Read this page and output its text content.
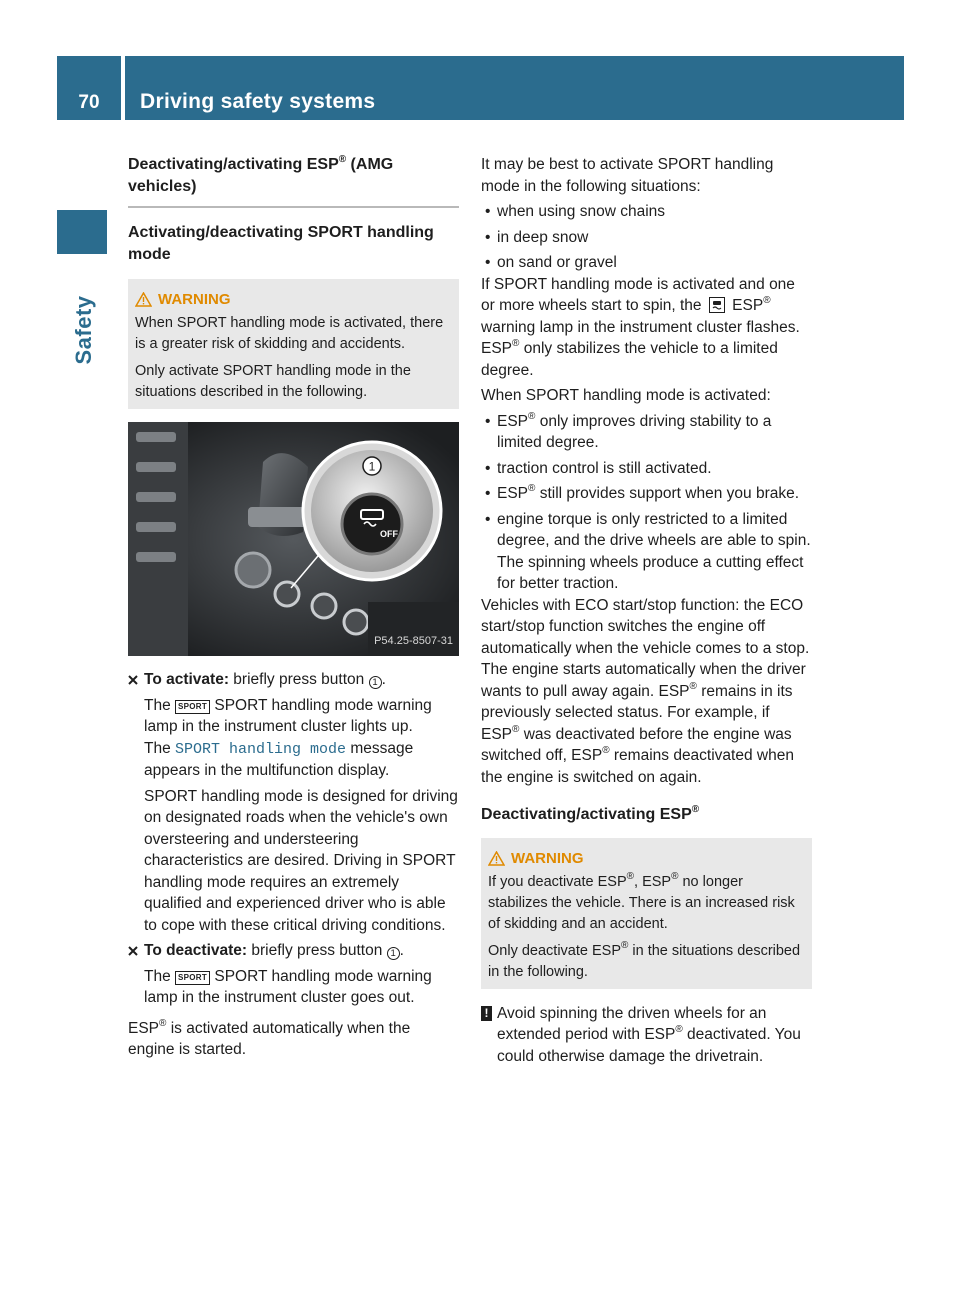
70	Driving safety systems
Safety
Deactivating/activating ESP® (AMG vehicles)
Activating/deactivating SPORT handling mode
WARNING

When SPORT handling mode is activated, there is a greater risk of skidding and accidents.

Only activate SPORT handling mode in the situations described in the following.

OFF
1
P54.25-8507-31

To activate: briefly press button 1 .

The SPORT SPORT handling mode warning lamp in the instrument cluster lights up.

The SPORT handling mode message appears in the multifunction display.

SPORT handling mode is designed for driving on designated roads when the vehicle's own oversteering and understeering characteristics are desired. Driving in SPORT handling mode requires an extremely qualified and experienced driver who is able to cope with these critical driving conditions.

To deactivate: briefly press button 1 .

The SPORT SPORT handling mode warning lamp in the instrument cluster goes out.

ESP® is activated automatically when the engine is started.

It may be best to activate SPORT handling mode in the following situations:

• when using snow chains
• in deep snow
• on sand or gravel

If SPORT handling mode is activated and one or more wheels start to spin, the
ESP® warning lamp in the instrument cluster flashes. ESP® only stabilizes the vehicle to a limited degree.

When SPORT handling mode is activated:

• ESP® only improves driving stability to a limited degree.
• traction control is still activated.
• ESP® still provides support when you brake.
• engine torque is only restricted to a limited degree, and the drive wheels are able to spin. The spinning wheels produce a cutting effect for better traction.

Vehicles with ECO start/stop function: the ECO start/stop function switches the engine off automatically when the vehicle comes to a stop. The engine starts automatically when the driver wants to pull away again. ESP® remains in its previously selected status. For example, if ESP® was deactivated before the engine was switched off, ESP® remains deactivated when the engine is switched on again.

Deactivating/activating ESP®
WARNING

If you deactivate ESP®, ESP® no longer stabilizes the vehicle. There is an increased risk of skidding and an accident.

Only deactivate ESP® in the situations described in the following.

! Avoid spinning the driven wheels for an extended period with ESP® deactivated. You could otherwise damage the drivetrain.
